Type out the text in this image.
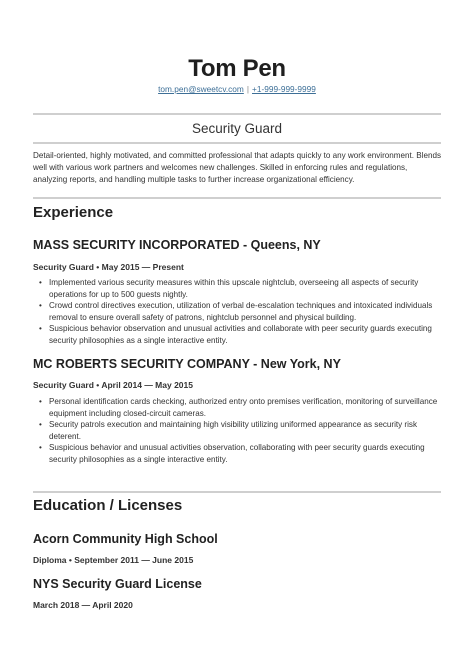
Tom Pen
tom.pen@sweetcv.com | +1-999-999-9999
Security Guard
Detail-oriented, highly motivated, and committed professional that adapts quickly to any work environment. Blends well with various work partners and welcomes new challenges. Skilled in enforcing rules and regulations, analyzing reports, and handling multiple tasks to further increase organizational efficiency.
Experience
MASS SECURITY INCORPORATED - Queens, NY
Security Guard • May 2015 — Present
• Implemented various security measures within this upscale nightclub, overseeing all aspects of security operations for up to 500 guests nightly.
• Crowd control directives execution, utilization of verbal de-escalation techniques and intoxicated individuals removal to ensure overall safety of patrons, nightclub personnel and physical building.
• Suspicious behavior observation and unusual activities and collaborate with peer security guards executing security philosophies as a single interactive entity.
MC ROBERTS SECURITY COMPANY - New York, NY
Security Guard • April 2014 — May 2015
• Personal identification cards checking, authorized entry onto premises verification, monitoring of surveillance equipment including closed-circuit cameras.
• Security patrols execution and maintaining high visibility utilizing uniformed appearance as security risk deterent.
• Suspicious behavior and unusual activities observation, collaborating with peer security guards executing security philosophies as a single interactive entity.
Education / Licenses
Acorn Community High School
Diploma • September 2011 — June 2015
NYS Security Guard License
March 2018 — April 2020
